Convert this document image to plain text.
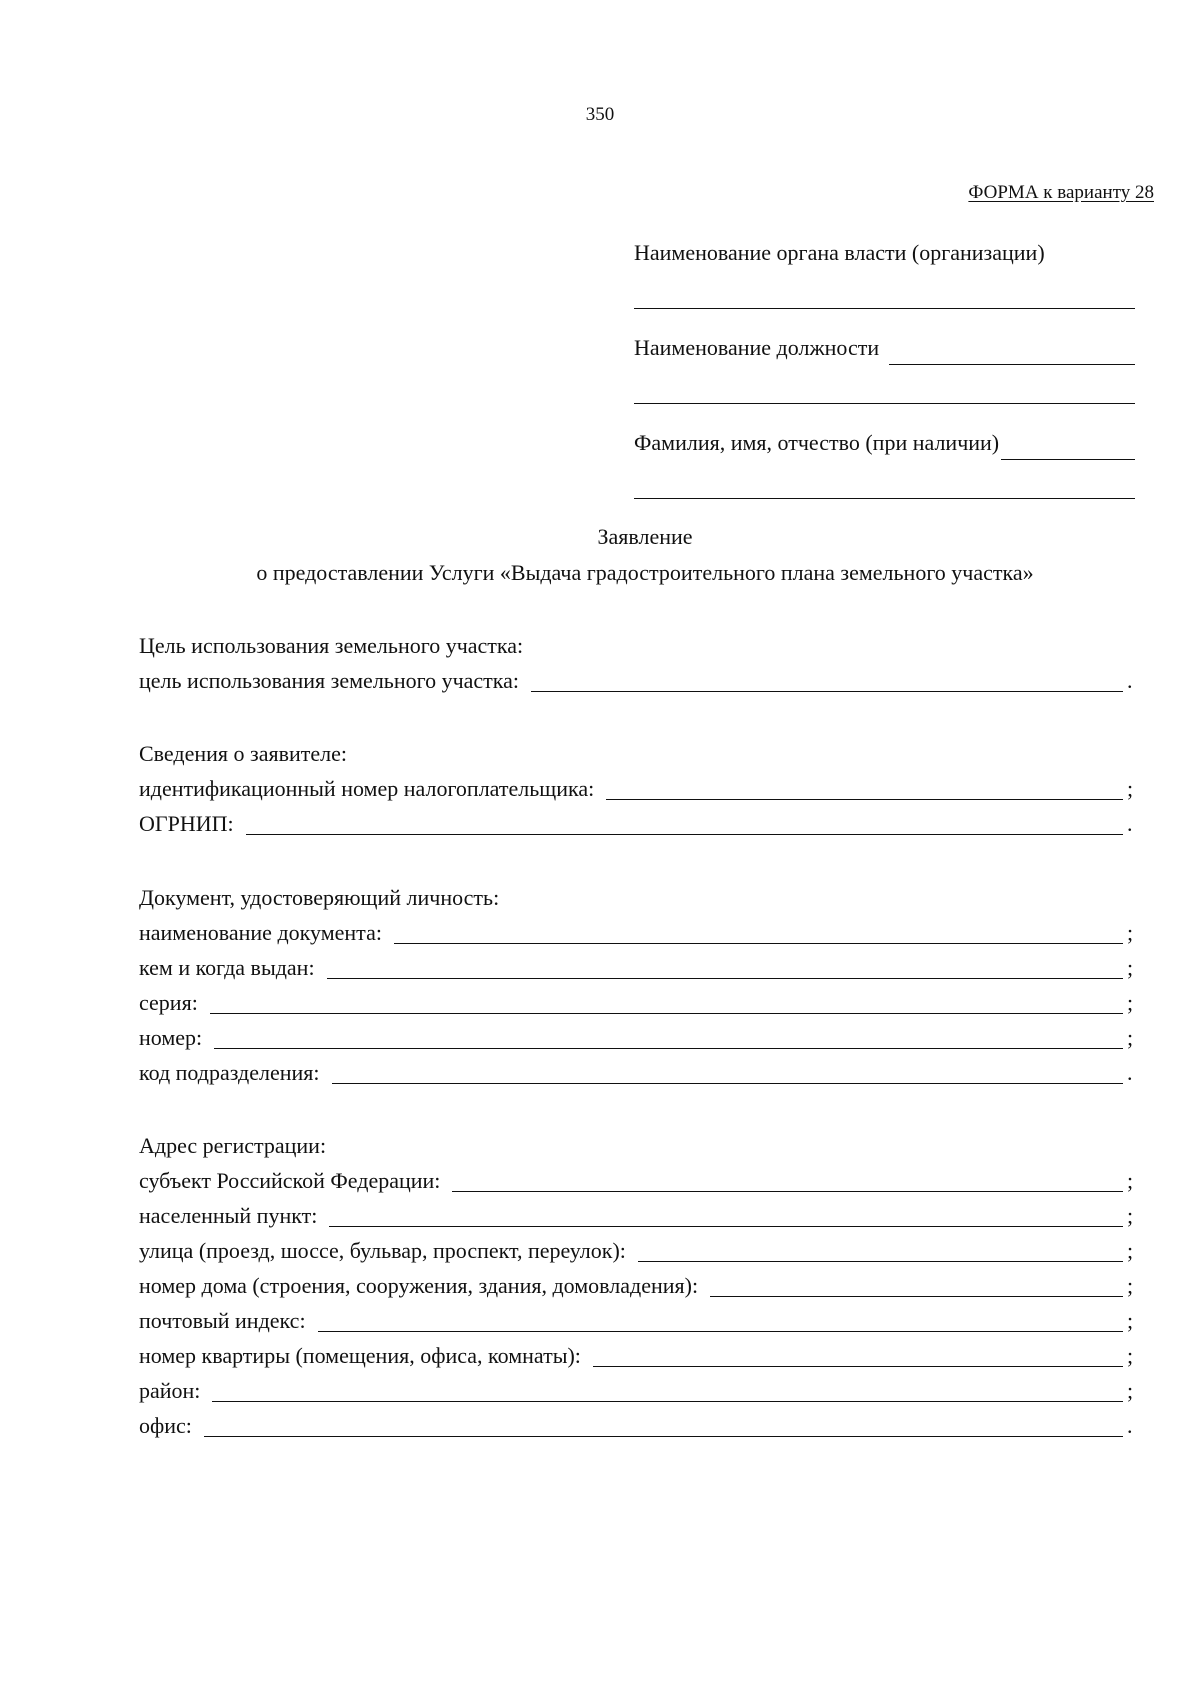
350
ФОРМА к варианту 28
Наименование органа власти (организации)
Наименование должности
Фамилия, имя, отчество (при наличии)
Заявление
о предоставлении Услуги «Выдача градостроительного плана земельного участка»
Цель использования земельного участка:
цель использования земельного участка:	.
Сведения о заявителе:
идентификационный номер налогоплательщика:	;
ОГРНИП:	.
Документ, удостоверяющий личность:
наименование документа:	;
кем и когда выдан:	;
серия:	;
номер:	;
код подразделения:	.
Адрес регистрации:
субъект Российской Федерации:	;
населенный пункт:	;
улица (проезд, шоссе, бульвар, проспект, переулок):	;
номер дома (строения, сооружения, здания, домовладения):	;
почтовый индекс:	;
номер квартиры (помещения, офиса, комнаты):	;
район:	;
офис:	.
